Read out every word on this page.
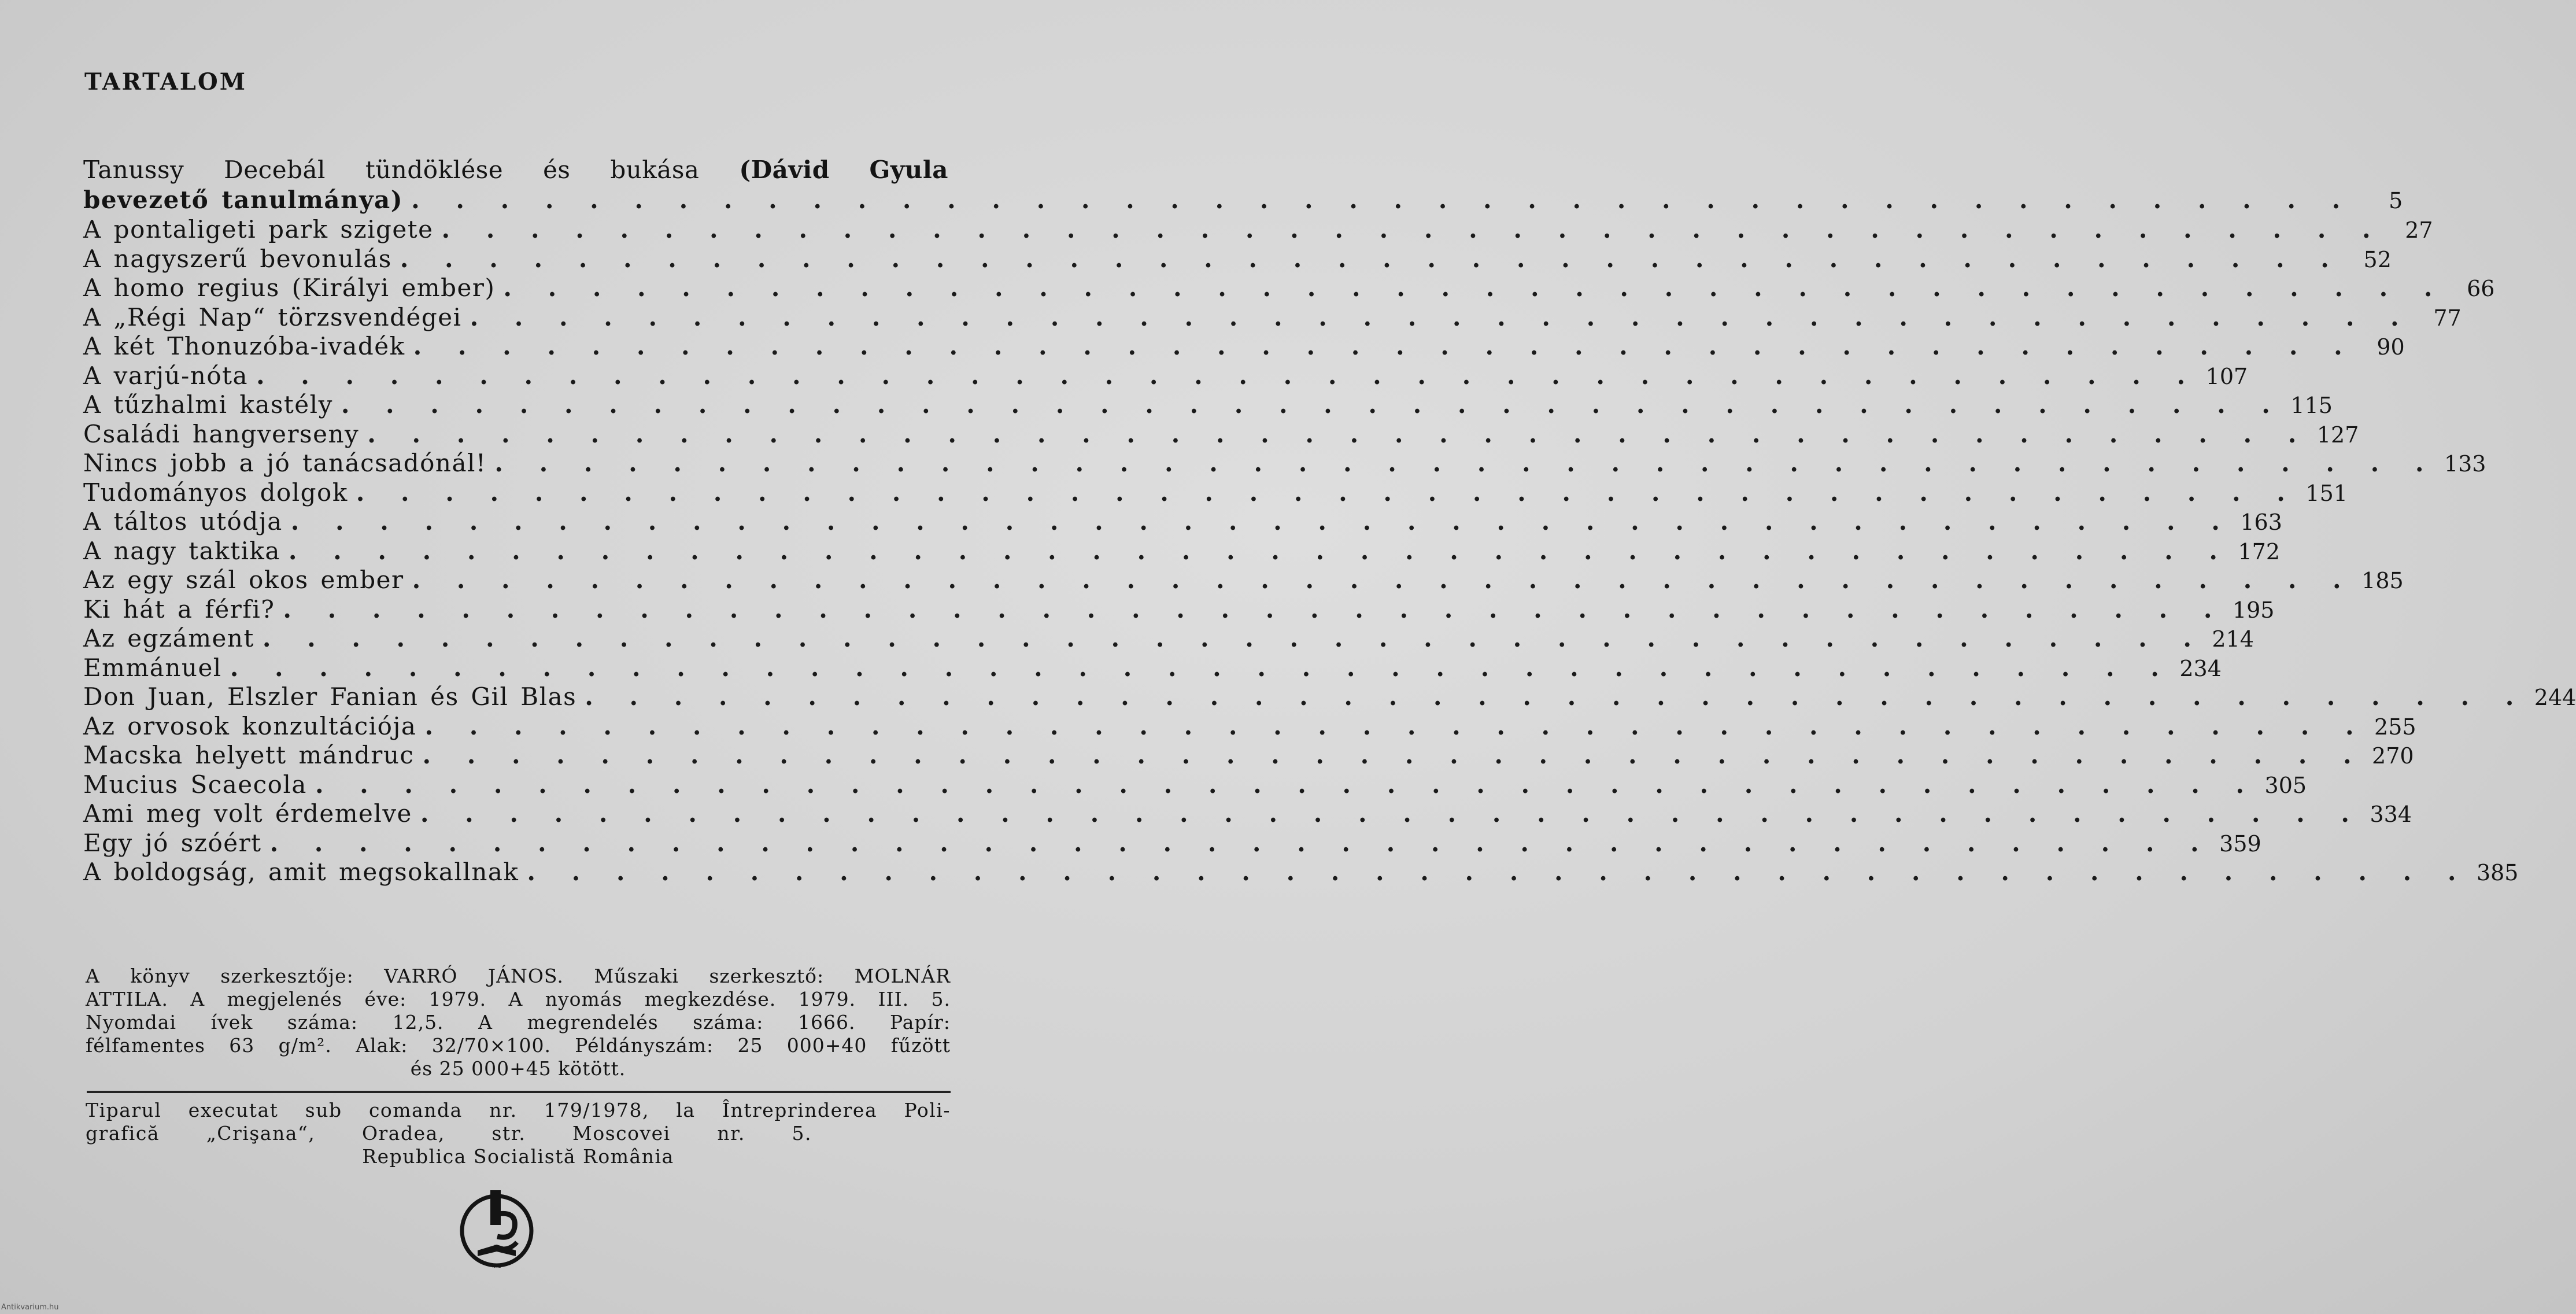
TARTALOM
Tanussy Decebál tündöklése és bukása (Dávid Gyula
bevezető tanulmánya) . . . . . . . . . . . . . . . . . . . . . . . . . . . . . . . . . . . . . . . . . . . .	5
A pontaligeti park szigete . . . . . . . . . . . . . . . . . . . . . . . . . . . . . . . . . . . . . . . . . . . . 27
A nagyszerű bevonulás . . . . . . . . . . . . . . . . . . . . . . . . . . . . . . . . . . . . . . . . . . . . 52
A homo regius (Királyi ember) . . . . . . . . . . . . . . . . . . . . . . . . . . . . . . . . . . . . . . . . . . . . 66
A „Régi Nap“ törzsvendégei . . . . . . . . . . . . . . . . . . . . . . . . . . . . . . . . . . . . . . . . . . . . 77
A két Thonuzóba-ivadék . . . . . . . . . . . . . . . . . . . . . . . . . . . . . . . . . . . . . . . . . . . . 90
A varjú-nóta . . . . . . . . . . . . . . . . . . . . . . . . . . . . . . . . . . . . . . . . . . . . 107
A tűzhalmi kastély . . . . . . . . . . . . . . . . . . . . . . . . . . . . . . . . . . . . . . . . . . . . 115
Családi hangverseny . . . . . . . . . . . . . . . . . . . . . . . . . . . . . . . . . . . . . . . . . . . . 127
Nincs jobb a jó tanácsadónál! . . . . . . . . . . . . . . . . . . . . . . . . . . . . . . . . . . . . . . . . . . . . 133
Tudományos dolgok . . . . . . . . . . . . . . . . . . . . . . . . . . . . . . . . . . . . . . . . . . . . 151
A táltos utódja . . . . . . . . . . . . . . . . . . . . . . . . . . . . . . . . . . . . . . . . . . . . 163
A nagy taktika . . . . . . . . . . . . . . . . . . . . . . . . . . . . . . . . . . . . . . . . . . . . 172
Az egy szál okos ember . . . . . . . . . . . . . . . . . . . . . . . . . . . . . . . . . . . . . . . . . . . . 185
Ki hát a férfi? . . . . . . . . . . . . . . . . . . . . . . . . . . . . . . . . . . . . . . . . . . . . 195
Az egzáment . . . . . . . . . . . . . . . . . . . . . . . . . . . . . . . . . . . . . . . . . . . . 214
Emmánuel . . . . . . . . . . . . . . . . . . . . . . . . . . . . . . . . . . . . . . . . . . . . 234
Don Juan, Elszler Fanian és Gil Blas . . . . . . . . . . . . . . . . . . . . . . . . . . . . . . . . . . . . . . . . . . . . 244
Az orvosok konzultációja . . . . . . . . . . . . . . . . . . . . . . . . . . . . . . . . . . . . . . . . . . . . 255
Macska helyett mándruc . . . . . . . . . . . . . . . . . . . . . . . . . . . . . . . . . . . . . . . . . . . . 270
Mucius Scaecola . . . . . . . . . . . . . . . . . . . . . . . . . . . . . . . . . . . . . . . . . . . . 305
Ami meg volt érdemelve . . . . . . . . . . . . . . . . . . . . . . . . . . . . . . . . . . . . . . . . . . . . 334
Egy jó szóért . . . . . . . . . . . . . . . . . . . . . . . . . . . . . . . . . . . . . . . . . . . . 359
A boldogság, amit megsokallnak . . . . . . . . . . . . . . . . . . . . . . . . . . . . . . . . . . . . . . . . . . . . 385
A könyv szerkesztője: VARRÓ JÁNOS. Műszaki szerkesztő: MOLNÁR
ATTILA. A megjelenés éve: 1979. A nyomás megkezdése. 1979. III. 5.
Nyomdai ívek száma: 12,5. A megrendelés száma: 1666. Papír:
félfamentes 63 g/m². Alak: 32/70×100. Példányszám: 25 000+40 fűzött
és 25 000+45 kötött.
Tiparul executat sub comanda nr. 179/1978, la Întreprinderea Poli-
grafică „Crişana“, Oradea, str. Moscovei nr. 5.
Republica Socialistă România
IPC
Antikvarium.hu
